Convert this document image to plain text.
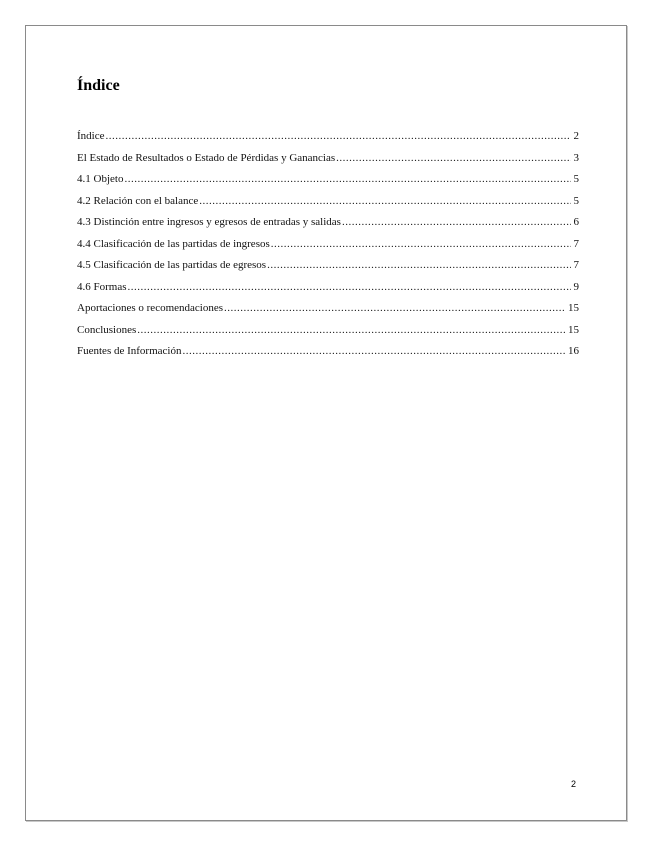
Índice
Índice .....	2
El Estado de Resultados o Estado de Pérdidas y Ganancias .....	3
4.1 Objeto .....	5
4.2 Relación con el balance .....	5
4.3 Distinción entre ingresos y egresos de entradas y salidas .....	6
4.4 Clasificación de las partidas de ingresos .....	7
4.5 Clasificación de las partidas de egresos .....	7
4.6 Formas .....	9
Aportaciones o recomendaciones .....	15
Conclusiones .....	15
Fuentes de Información .....	16
2
